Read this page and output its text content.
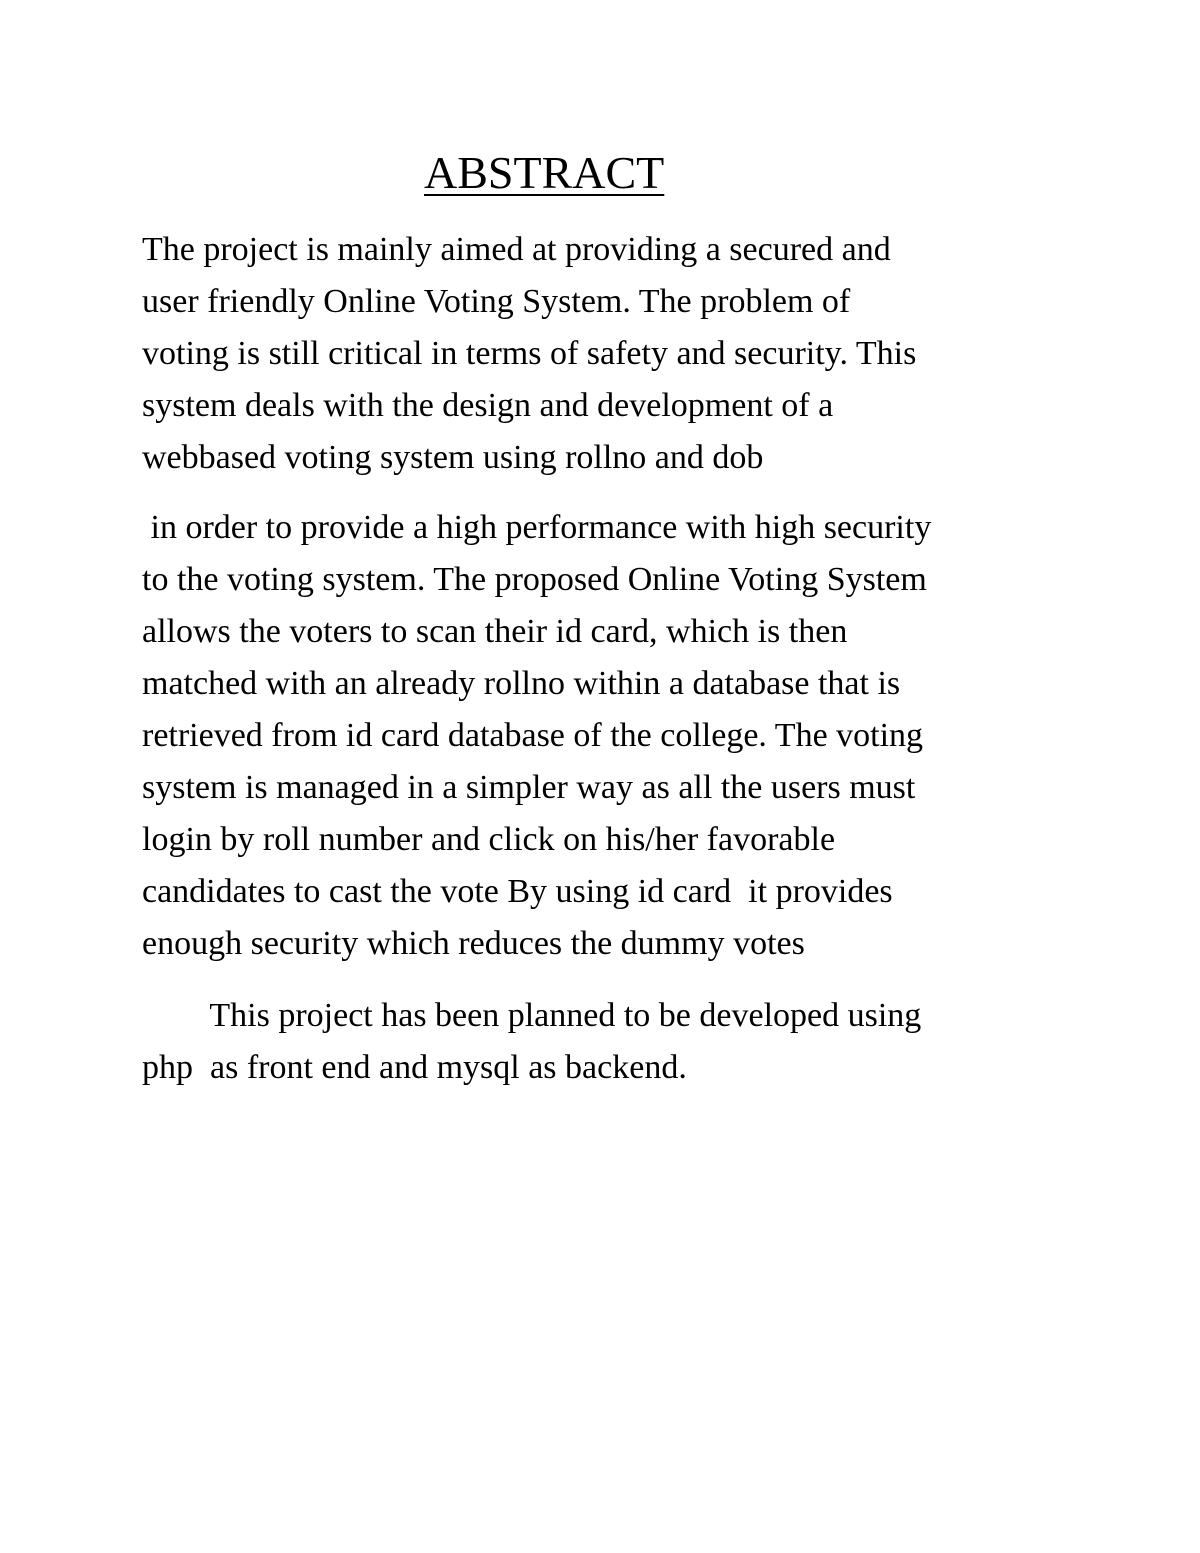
ABSTRACT
The project is mainly aimed at providing a secured and
user friendly Online Voting System. The problem of
voting is still critical in terms of safety and security. This
system deals with the design and development of a
webbased voting system using rollno and dob
in order to provide a high performance with high security
to the voting system. The proposed Online Voting System
allows the voters to scan their id card, which is then
matched with an already rollno within a database that is
retrieved from id card database of the college. The voting
system is managed in a simpler way as all the users must
login by roll number and click on his/her favorable
candidates to cast the vote By using id card  it provides
enough security which reduces the dummy votes
This project has been planned to be developed using
php  as front end and mysql as backend.
